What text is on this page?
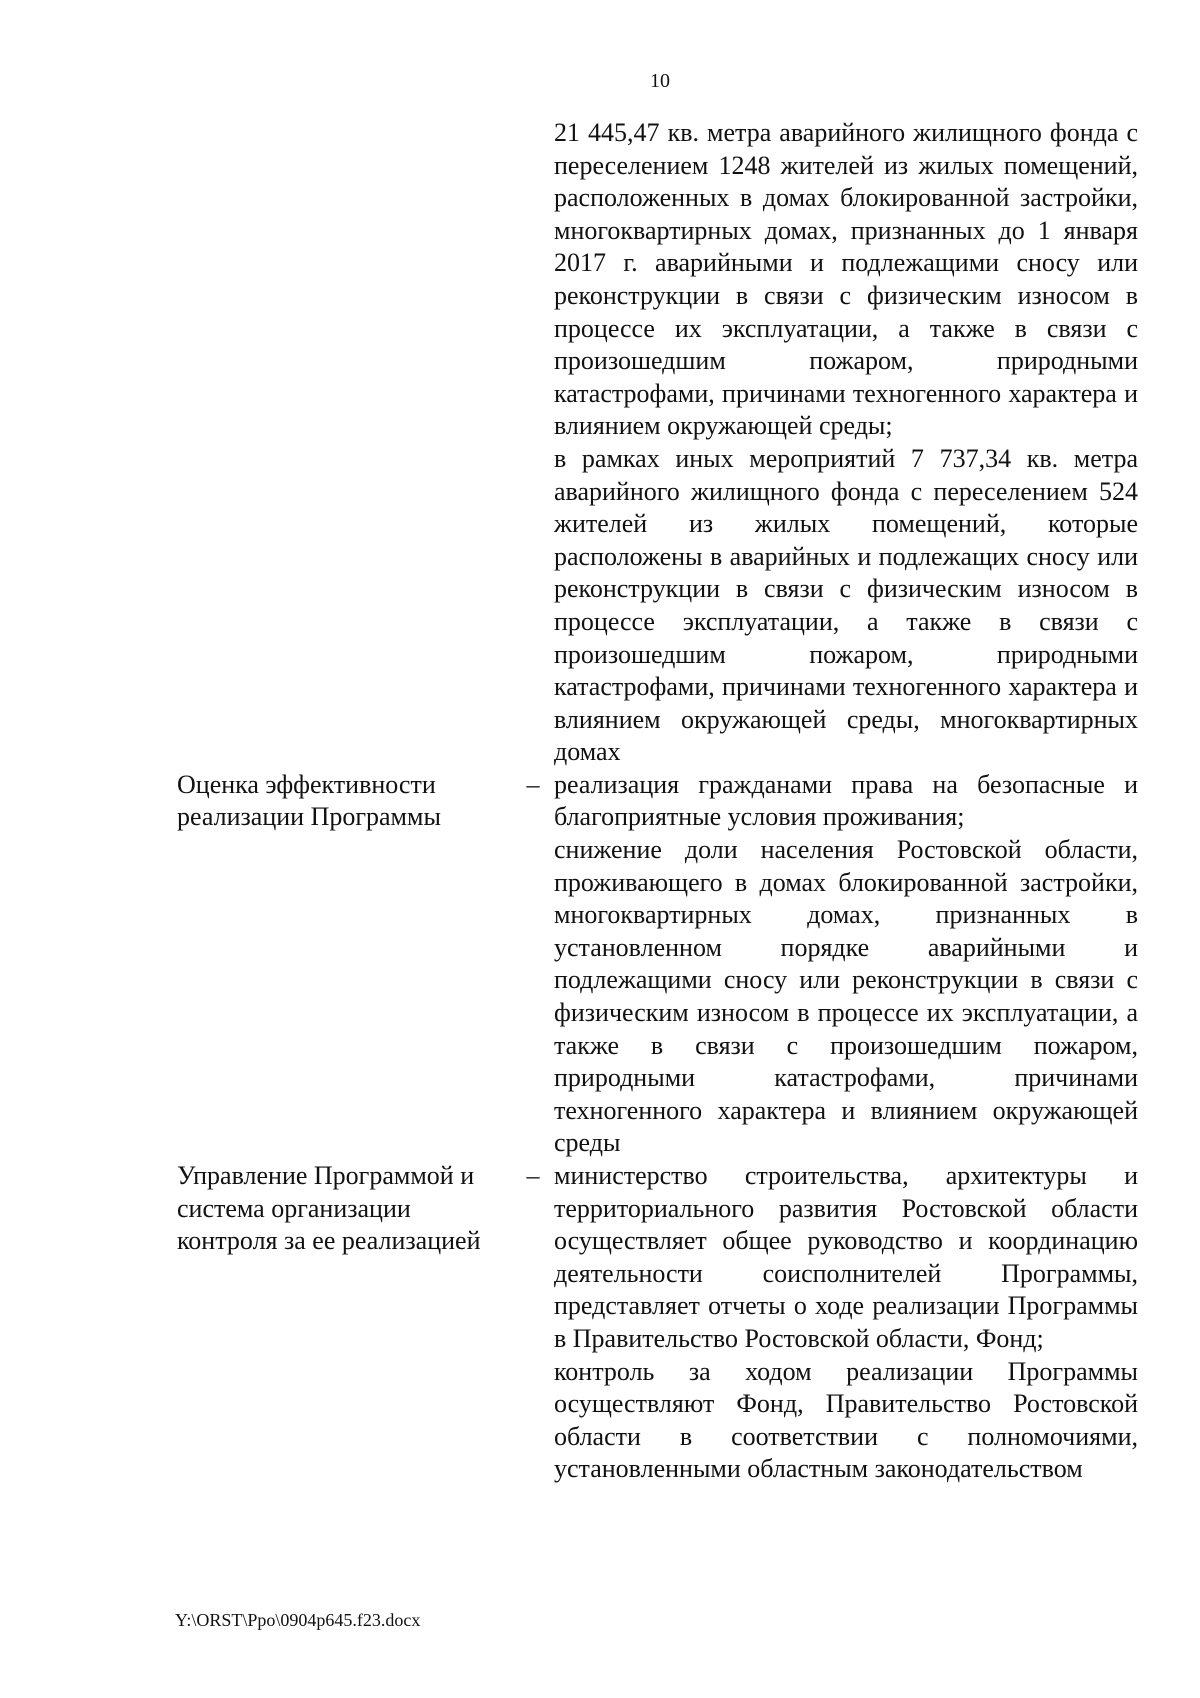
10

21 445,47 кв. метра аварийного жилищного фонда с переселением 1248 жителей из жилых помещений, расположенных в домах блокированной застройки, многоквартирных домах, признанных до 1 января 2017 г. аварийными и подлежащими сносу или реконструкции в связи с физическим износом в процессе их эксплуатации, а также в связи с произошедшим пожаром, природными катастрофами, причинами техногенного характера и влиянием окружающей среды;

в рамках иных мероприятий 7 737,34 кв. метра аварийного жилищного фонда с переселением 524 жителей из жилых помещений, которые расположены в аварийных и подлежащих сносу или реконструкции в связи с физическим износом в процессе эксплуатации, а также в связи с произошедшим пожаром, природными катастрофами, причинами техногенного характера и влиянием окружающей среды, многоквартирных домах

Оценка эффективности реализации Программы
– реализация гражданами права на безопасные и благоприятные условия проживания;

снижение доли населения Ростовской области, проживающего в домах блокированной застройки, многоквартирных домах, признанных в установленном порядке аварийными и подлежащими сносу или реконструкции в связи с физическим износом в процессе их эксплуатации, а также в связи с произошедшим пожаром, природными катастрофами, причинами техногенного характера и влиянием окружающей среды

Управление Программой и система организации контроля за ее реализацией
– министерство строительства, архитектуры и территориального развития Ростовской области осуществляет общее руководство и координацию деятельности соисполнителей Программы, представляет отчеты о ходе реализации Программы в Правительство Ростовской области, Фонд;

контроль за ходом реализации Программы осуществляют Фонд, Правительство Ростовской области в соответствии с полномочиями, установленными областным законодательством

Y:\ORST\Ppo\0904p645.f23.docx
